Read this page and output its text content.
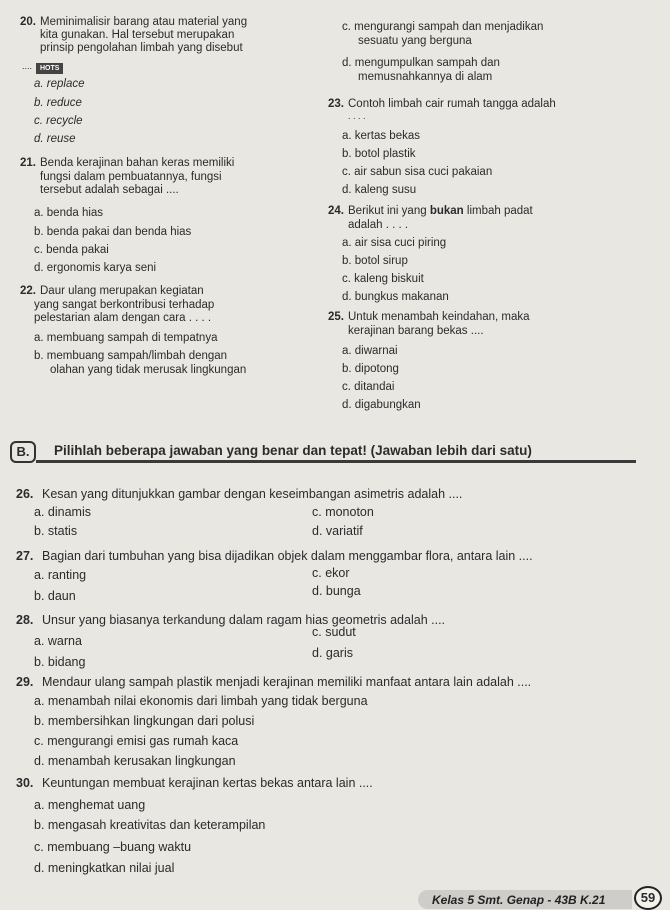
20. Meminimalisir barang atau material yang
kita gunakan. Hal tersebut merupakan
prinsip pengolahan limbah yang disebut
....	HOTS
a. replace
b. reduce
c. recycle
d. reuse
21. Benda kerajinan bahan keras memiliki
fungsi dalam pembuatannya, fungsi
tersebut adalah sebagai ....
a. benda hias
b. benda pakai dan benda hias
c. benda pakai
d. ergonomis karya seni
22. Daur ulang merupakan kegiatan
yang sangat berkontribusi terhadap
pelestarian alam dengan cara . . . .
a. membuang sampah di tempatnya
b. membuang sampah/limbah dengan
olahan yang tidak merusak lingkungan
c. mengurangi sampah dan menjadikan
sesuatu yang berguna
d. mengumpulkan sampah dan
memusnahkannya di alam
23. Contoh limbah cair rumah tangga adalah
. . . .
a. kertas bekas
b. botol plastik
c. air sabun sisa cuci pakaian
d. kaleng susu
24. Berikut ini yang bukan limbah padat
adalah . . . .
a. air sisa cuci piring
b. botol sirup
c. kaleng biskuit
d. bungkus makanan
25. Untuk menambah keindahan, maka
kerajinan barang bekas ....
a. diwarnai
b. dipotong
c. ditandai
d. digabungkan
B.	Pilihlah beberapa jawaban yang benar dan tepat! (Jawaban lebih dari satu)
26. Kesan yang ditunjukkan gambar dengan keseimbangan asimetris adalah ....
a. dinamis
b. statis
c. monoton
d. variatif
27. Bagian dari tumbuhan yang bisa dijadikan objek dalam menggambar flora, antara lain ....
a. ranting
b. daun
c. ekor
d. bunga
28. Unsur yang biasanya terkandung dalam ragam hias geometris adalah ....
a. warna
b. bidang
c. sudut
d. garis
29. Mendaur ulang sampah plastik menjadi kerajinan memiliki manfaat antara lain adalah ....
a. menambah nilai ekonomis dari limbah yang tidak berguna
b. membersihkan lingkungan dari polusi
c. mengurangi emisi gas rumah kaca
d. menambah kerusakan lingkungan
30. Keuntungan membuat kerajinan kertas bekas antara lain ....
a. menghemat uang
b. mengasah kreativitas dan keterampilan
c. membuang –buang waktu
d. meningkatkan nilai jual
Kelas 5 Smt. Genap - 43B K.21	59
